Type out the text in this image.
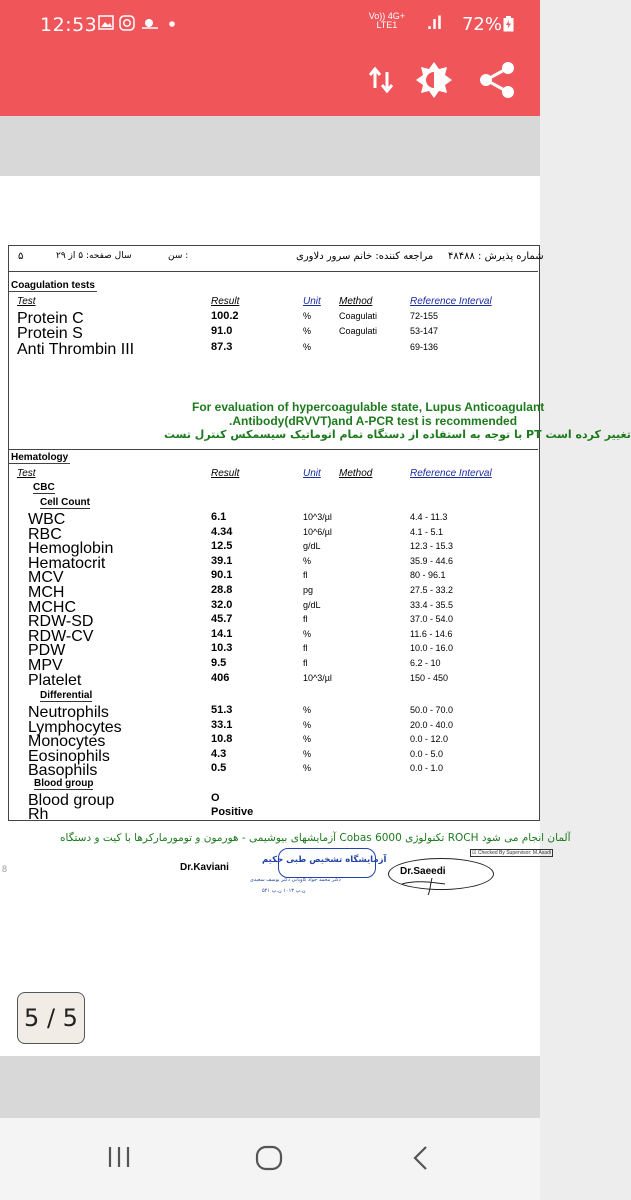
12:53	Vo)) 4G+
LTE1	.ıl 72%
۵	۲۹ سال صفحه: ۵ از	سن :	مراجعه کننده: خانم سرور دلاوری شماره پذیرش : ۴۸۴۸۸
Coagulation tests
Test	Result	Unit Method	Reference Interval
Protein C	100.2	%	Coagulati	72-155
Protein S	91.0	%	Coagulati	53-147
Anti Thrombin III	87.3	%	69-136
For evaluation of hypercoagulable state, Lupus Anticoagulant
.Antibody(dRVVT)and A-PCR test is recommended
با توجه به استفاده از دستگاه تمام اتوماتیک سیسمکس کنترل تست PT تغییر کرده است
Hematology
Test	Result	Unit Method	Reference Interval
CBC
Cell Count
WBC	6.1	10^3/µl	4.4 - 11.3
RBC	4.34	10^6/µl	4.1 - 5.1
Hemoglobin	12.5	g/dL	12.3 - 15.3
Hematocrit	39.1	%	35.9 - 44.6
MCV	90.1	fl	80 - 96.1
MCH	28.8	pg	27.5 - 33.2
MCHC	32.0	g/dL	33.4 - 35.5
RDW-SD	45.7	fl	37.0 - 54.0
RDW-CV	14.1	%	11.6 - 14.6
PDW	10.3	fl	10.0 - 16.0
MPV	9.5	fl	6.2 - 10
Platelet	406	10^3/µl	150 - 450
Differential
Neutrophils	51.3	%	50.0 - 70.0
Lymphocytes	33.1	%	20.0 - 40.0
Monocytes	10.8	%	0.0 - 12.0
Eosinophils	4.3	%	0.0 - 5.0
Basophils	0.5	%	0.0 - 1.0
Blood group
Blood group	O
Rh	Positive
آزمایشهای بیوشیمی - هورمون و تومورمارکرها با کیت و دستگاه Cobas 6000 تکنولوژی ROCH آلمان انجام می شود
☑ Checked By Supervisor: M.Asadi
Dr.Kaviani
آزمایشگاه تشخیص طبی حکیم
دکتر محمد جواد کاویانی دکتر یوسف سعیدی
ن.پ ۱۰۱۳ ن.پ ۵۴۱
Dr.Saeedi
8
5 / 5
